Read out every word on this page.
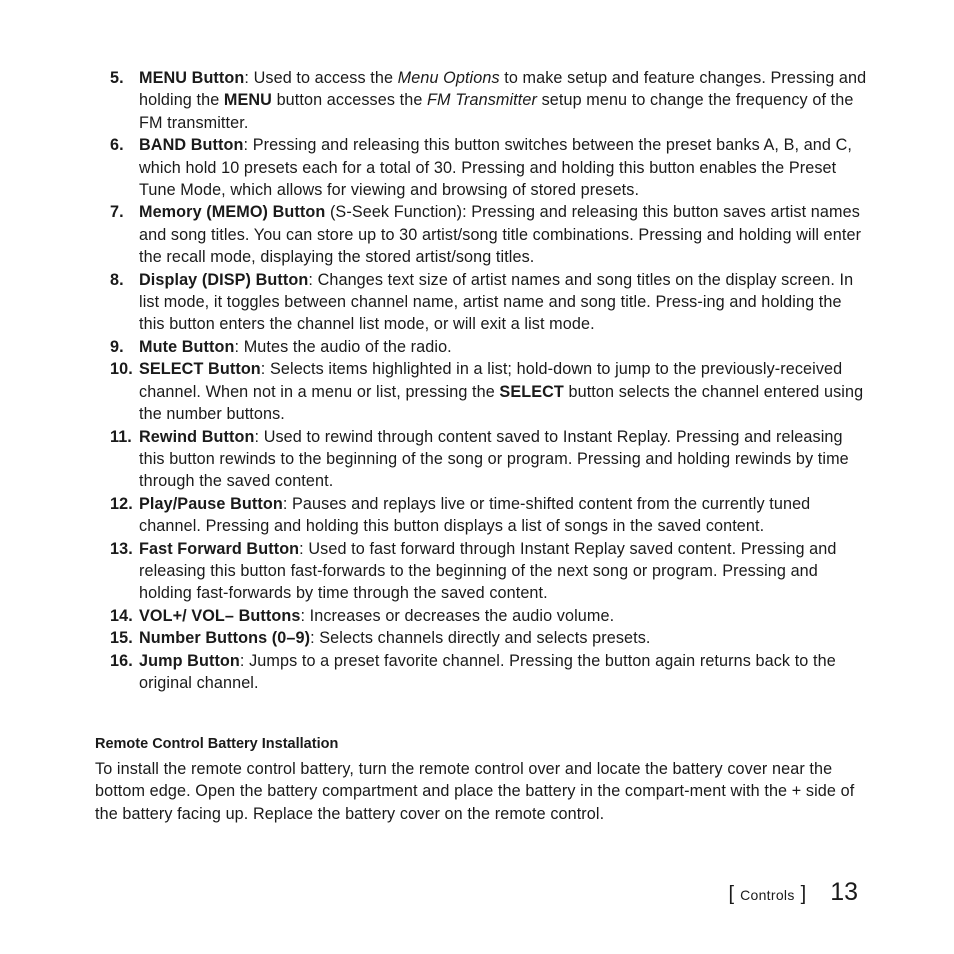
5. MENU Button: Used to access the Menu Options to make setup and feature changes. Pressing and holding the MENU button accesses the FM Transmitter setup menu to change the frequency of the FM transmitter.
6. BAND Button: Pressing and releasing this button switches between the preset banks A, B, and C, which hold 10 presets each for a total of 30. Pressing and holding this button enables the Preset Tune Mode, which allows for viewing and browsing of stored presets.
7. Memory (MEMO) Button (S-Seek Function): Pressing and releasing this button saves artist names and song titles. You can store up to 30 artist/song title combinations. Pressing and holding will enter the recall mode, displaying the stored artist/song titles.
8. Display (DISP) Button: Changes text size of artist names and song titles on the display screen. In list mode, it toggles between channel name, artist name and song title. Press-ing and holding the this button enters the channel list mode, or will exit a list mode.
9. Mute Button: Mutes the audio of the radio.
10. SELECT Button: Selects items highlighted in a list; hold-down to jump to the previously-received channel. When not in a menu or list, pressing the SELECT button selects the channel entered using the number buttons.
11. Rewind Button: Used to rewind through content saved to Instant Replay. Pressing and releasing this button rewinds to the beginning of the song or program. Pressing and holding rewinds by time through the saved content.
12. Play/Pause Button: Pauses and replays live or time-shifted content from the currently tuned channel. Pressing and holding this button displays a list of songs in the saved content.
13. Fast Forward Button: Used to fast forward through Instant Replay saved content. Pressing and releasing this button fast-forwards to the beginning of the next song or program. Pressing and holding fast-forwards by time through the saved content.
14. VOL+/ VOL– Buttons: Increases or decreases the audio volume.
15. Number Buttons (0–9): Selects channels directly and selects presets.
16. Jump Button: Jumps to a preset favorite channel. Pressing the button again returns back to the original channel.
Remote Control Battery Installation

To install the remote control battery, turn the remote control over and locate the battery cover near the bottom edge. Open the battery compartment and place the battery in the compart-ment with the + side of the battery facing up. Replace the battery cover on the remote control.

[ Controls ] 13
